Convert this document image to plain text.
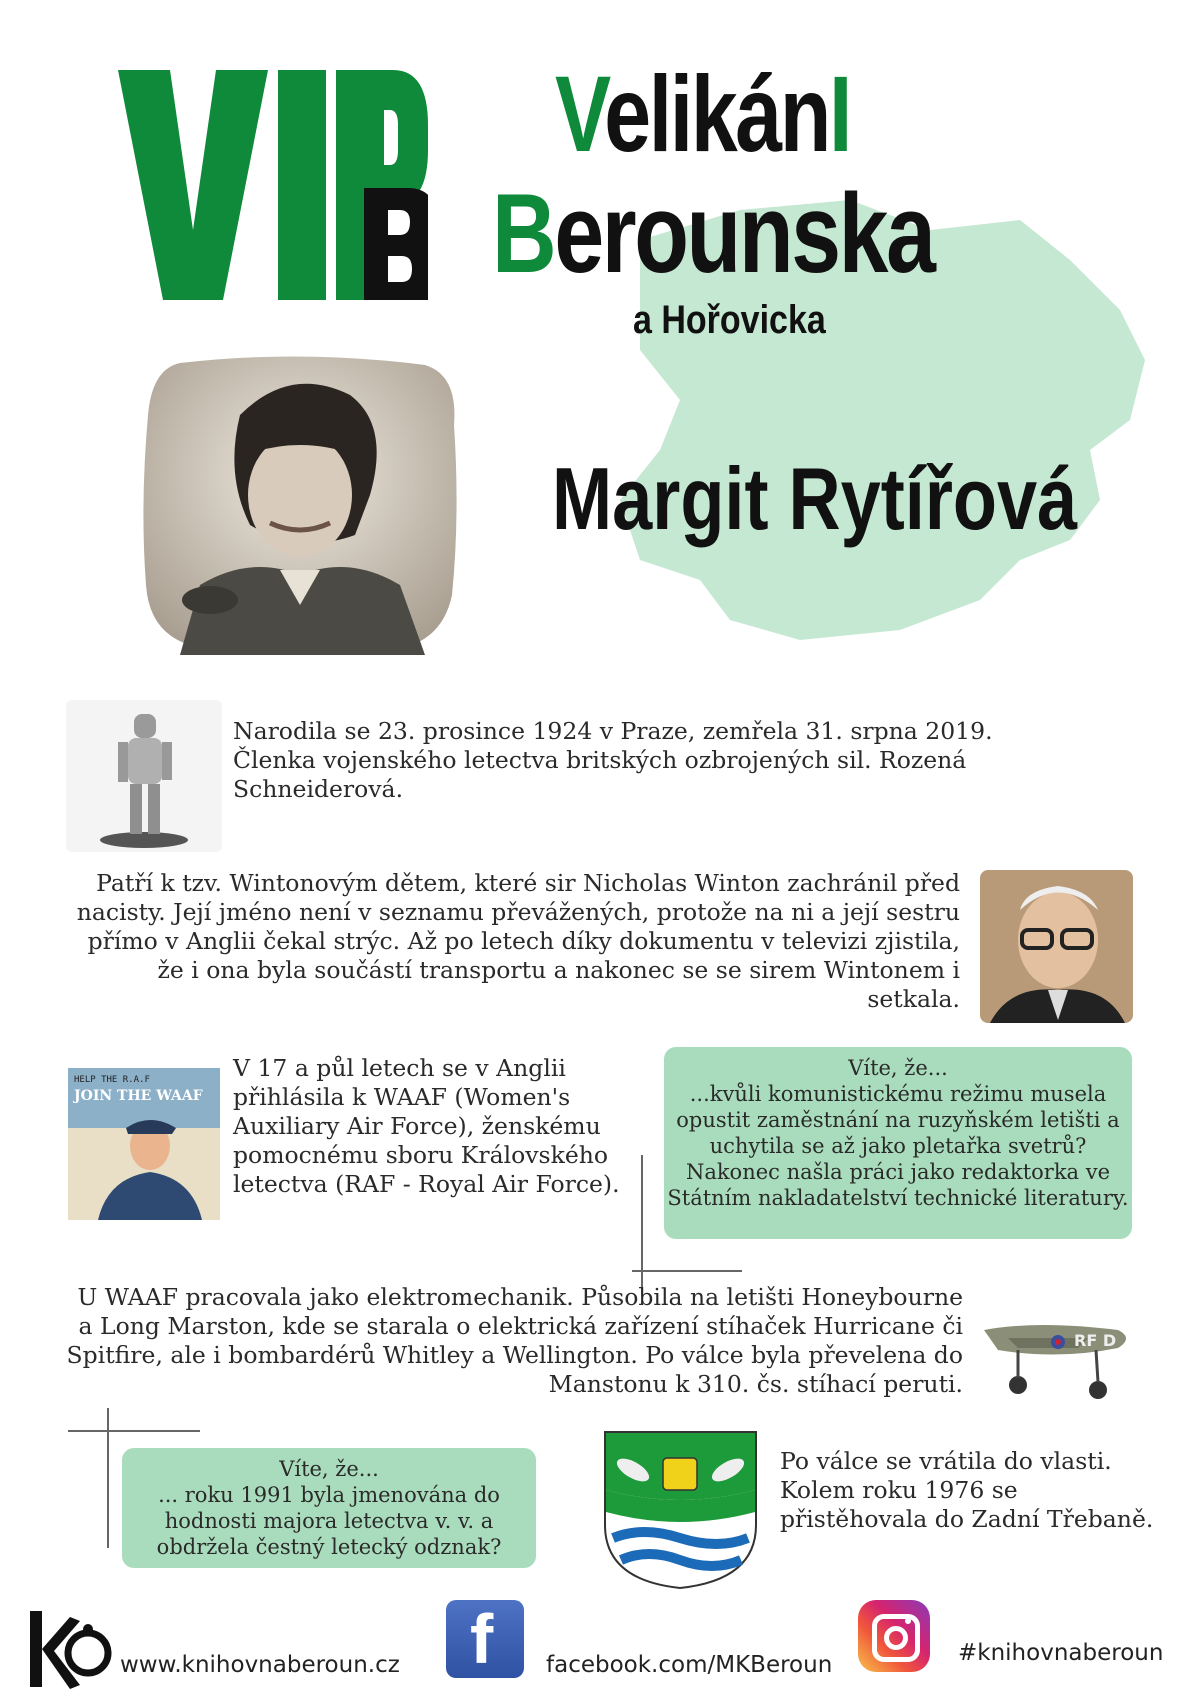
VelikánI
Berounska
a Hořovicka
Margit Rytířová
Narodila se 23. prosince 1924 v Praze, zemřela 31. srpna 2019. Členka vojenského letectva britských ozbrojených sil. Rozená Schneiderová.
Patří k tzv. Wintonovým dětem, které sir Nicholas Winton zachránil před nacisty. Její jméno není v seznamu převážených, protože na ni a její sestru přímo v Anglii čekal strýc. Až po letech díky dokumentu v televizi zjistila, že i ona byla součástí transportu a nakonec se se sirem Wintonem i setkala.
HELP THE R.A.F
JOIN THE WAAF
V 17 a půl letech se v Anglii přihlásila k WAAF (Women's Auxiliary Air Force), ženskému pomocnému sboru Královského letectva (RAF - Royal Air Force).
Víte, že...
...kvůli komunistickému režimu musela opustit zaměstnání na ruzyňském letišti a uchytila se až jako pletařka svetrů? Nakonec našla práci jako redaktorka ve Státním nakladatelství technické literatury.
U WAAF pracovala jako elektromechanik. Působila na letišti Honeybourne a Long Marston, kde se starala o elektrická zařízení stíhaček Hurricane či Spitfire, ale i bombardérů Whitley a Wellington. Po válce byla převelena do Manstonu k 310. čs. stíhací peruti.
RF D
Víte, že...
... roku 1991 byla jmenována do hodnosti majora letectva v. v. a obdržela čestný letecký odznak?
Po válce se vrátila do vlasti. Kolem roku 1976 se přistěhovala do Zadní Třebaně.
www.knihovnaberoun.cz f facebook.com/MKBeroun	#knihovnaberoun
